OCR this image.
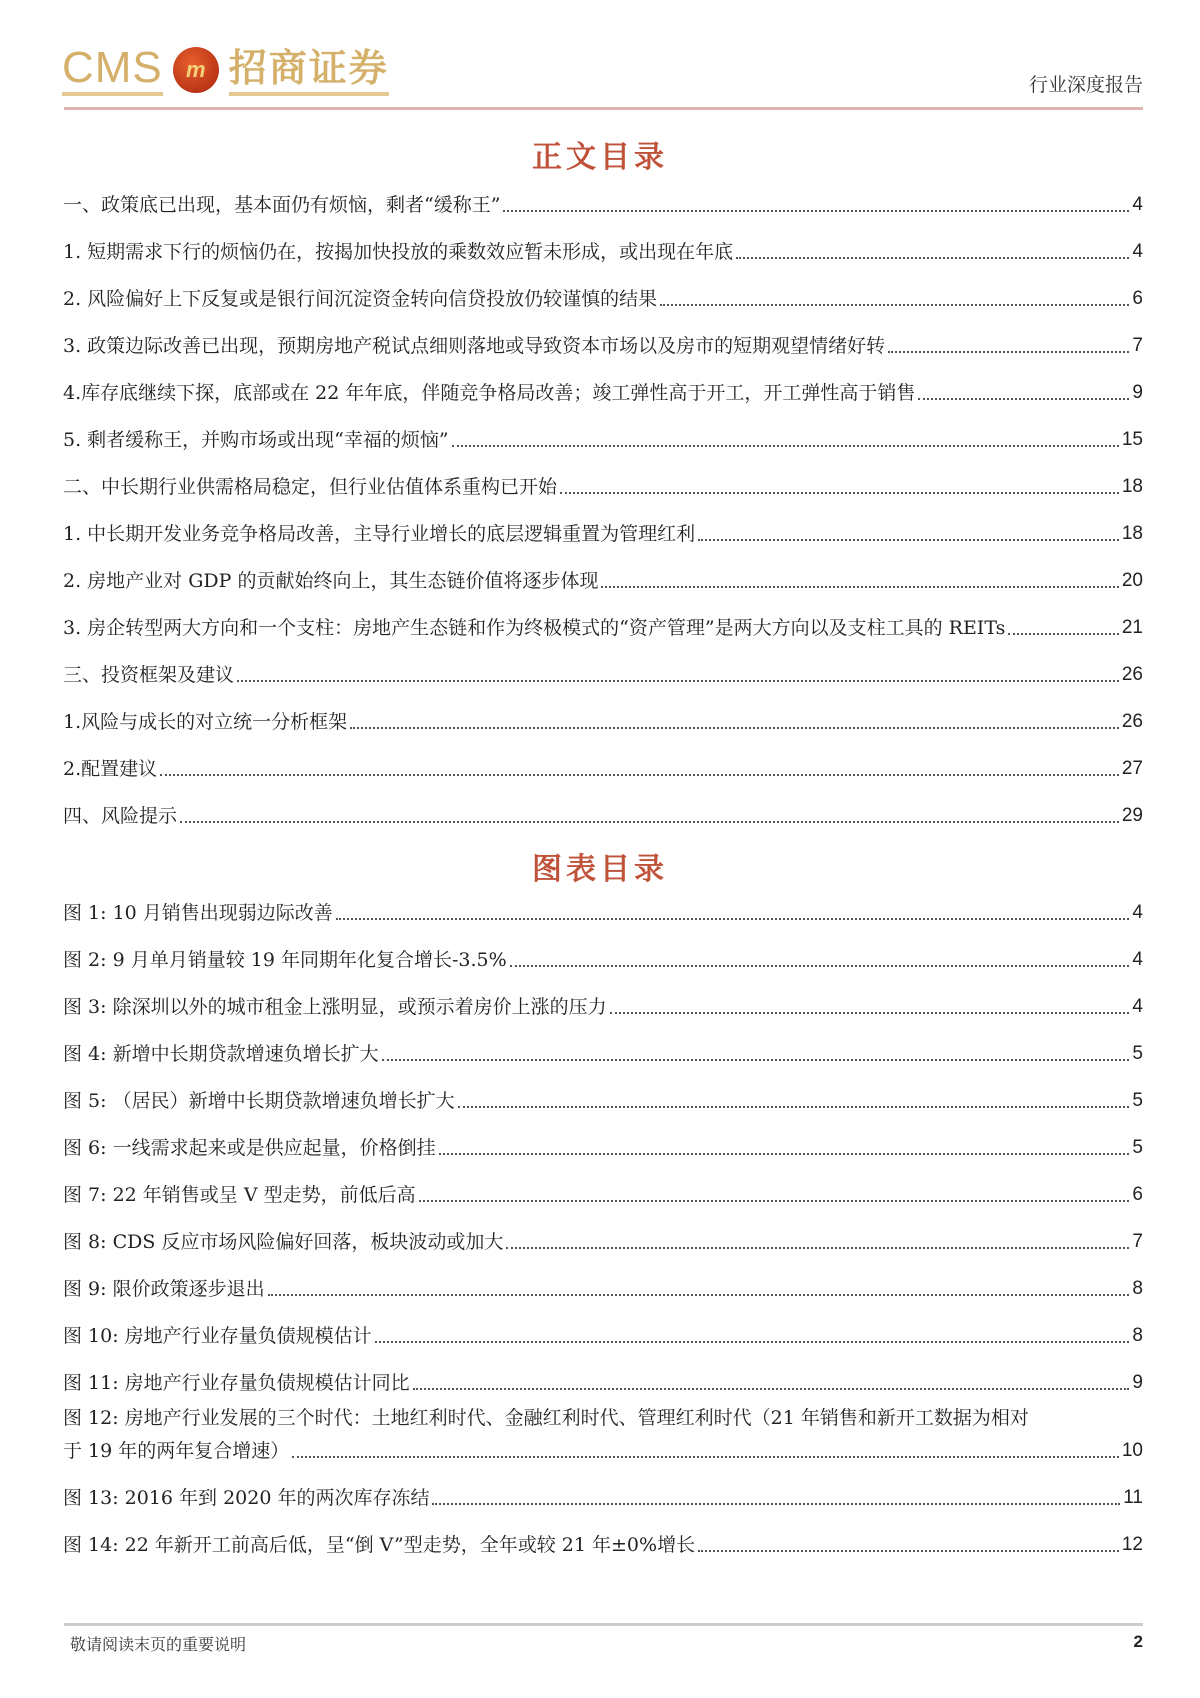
CMS	m 招商证券	行业深度报告
正文目录
一、政策底已出现，基本面仍有烦恼，剩者“缓称王”	4
1. 短期需求下行的烦恼仍在，按揭加快投放的乘数效应暂未形成，或出现在年底	4
2. 风险偏好上下反复或是银行间沉淀资金转向信贷投放仍较谨慎的结果	6
3. 政策边际改善已出现，预期房地产税试点细则落地或导致资本市场以及房市的短期观望情绪好转	7
4.库存底继续下探，底部或在 22 年年底，伴随竞争格局改善；竣工弹性高于开工，开工弹性高于销售	9
5. 剩者缓称王，并购市场或出现“幸福的烦恼”	15
二、中长期行业供需格局稳定，但行业估值体系重构已开始	18
1. 中长期开发业务竞争格局改善，主导行业增长的底层逻辑重置为管理红利	18
2. 房地产业对 GDP 的贡献始终向上，其生态链价值将逐步体现	20
3. 房企转型两大方向和一个支柱：房地产生态链和作为终极模式的“资产管理”是两大方向以及支柱工具的 REITs	21
三、投资框架及建议	26
1.风险与成长的对立统一分析框架	26
2.配置建议	27
四、风险提示	29
图表目录
图 1: 10 月销售出现弱边际改善	4
图 2: 9 月单月销量较 19 年同期年化复合增长-3.5%	4
图 3: 除深圳以外的城市租金上涨明显，或预示着房价上涨的压力	4
图 4: 新增中长期贷款增速负增长扩大	5
图 5: （居民）新增中长期贷款增速负增长扩大	5
图 6: 一线需求起来或是供应起量，价格倒挂	5
图 7: 22 年销售或呈 V 型走势，前低后高	6
图 8: CDS 反应市场风险偏好回落，板块波动或加大	7
图 9: 限价政策逐步退出	8
图 10: 房地产行业存量负债规模估计	8
图 11: 房地产行业存量负债规模估计同比	9
图 12: 房地产行业发展的三个时代：土地红利时代、金融红利时代、管理红利时代（21 年销售和新开工数据为相对
于 19 年的两年复合增速）	10
图 13: 2016 年到 2020 年的两次库存冻结	11
图 14: 22 年新开工前高后低，呈“倒 V”型走势，全年或较 21 年±0%增长	12
敬请阅读末页的重要说明	2
